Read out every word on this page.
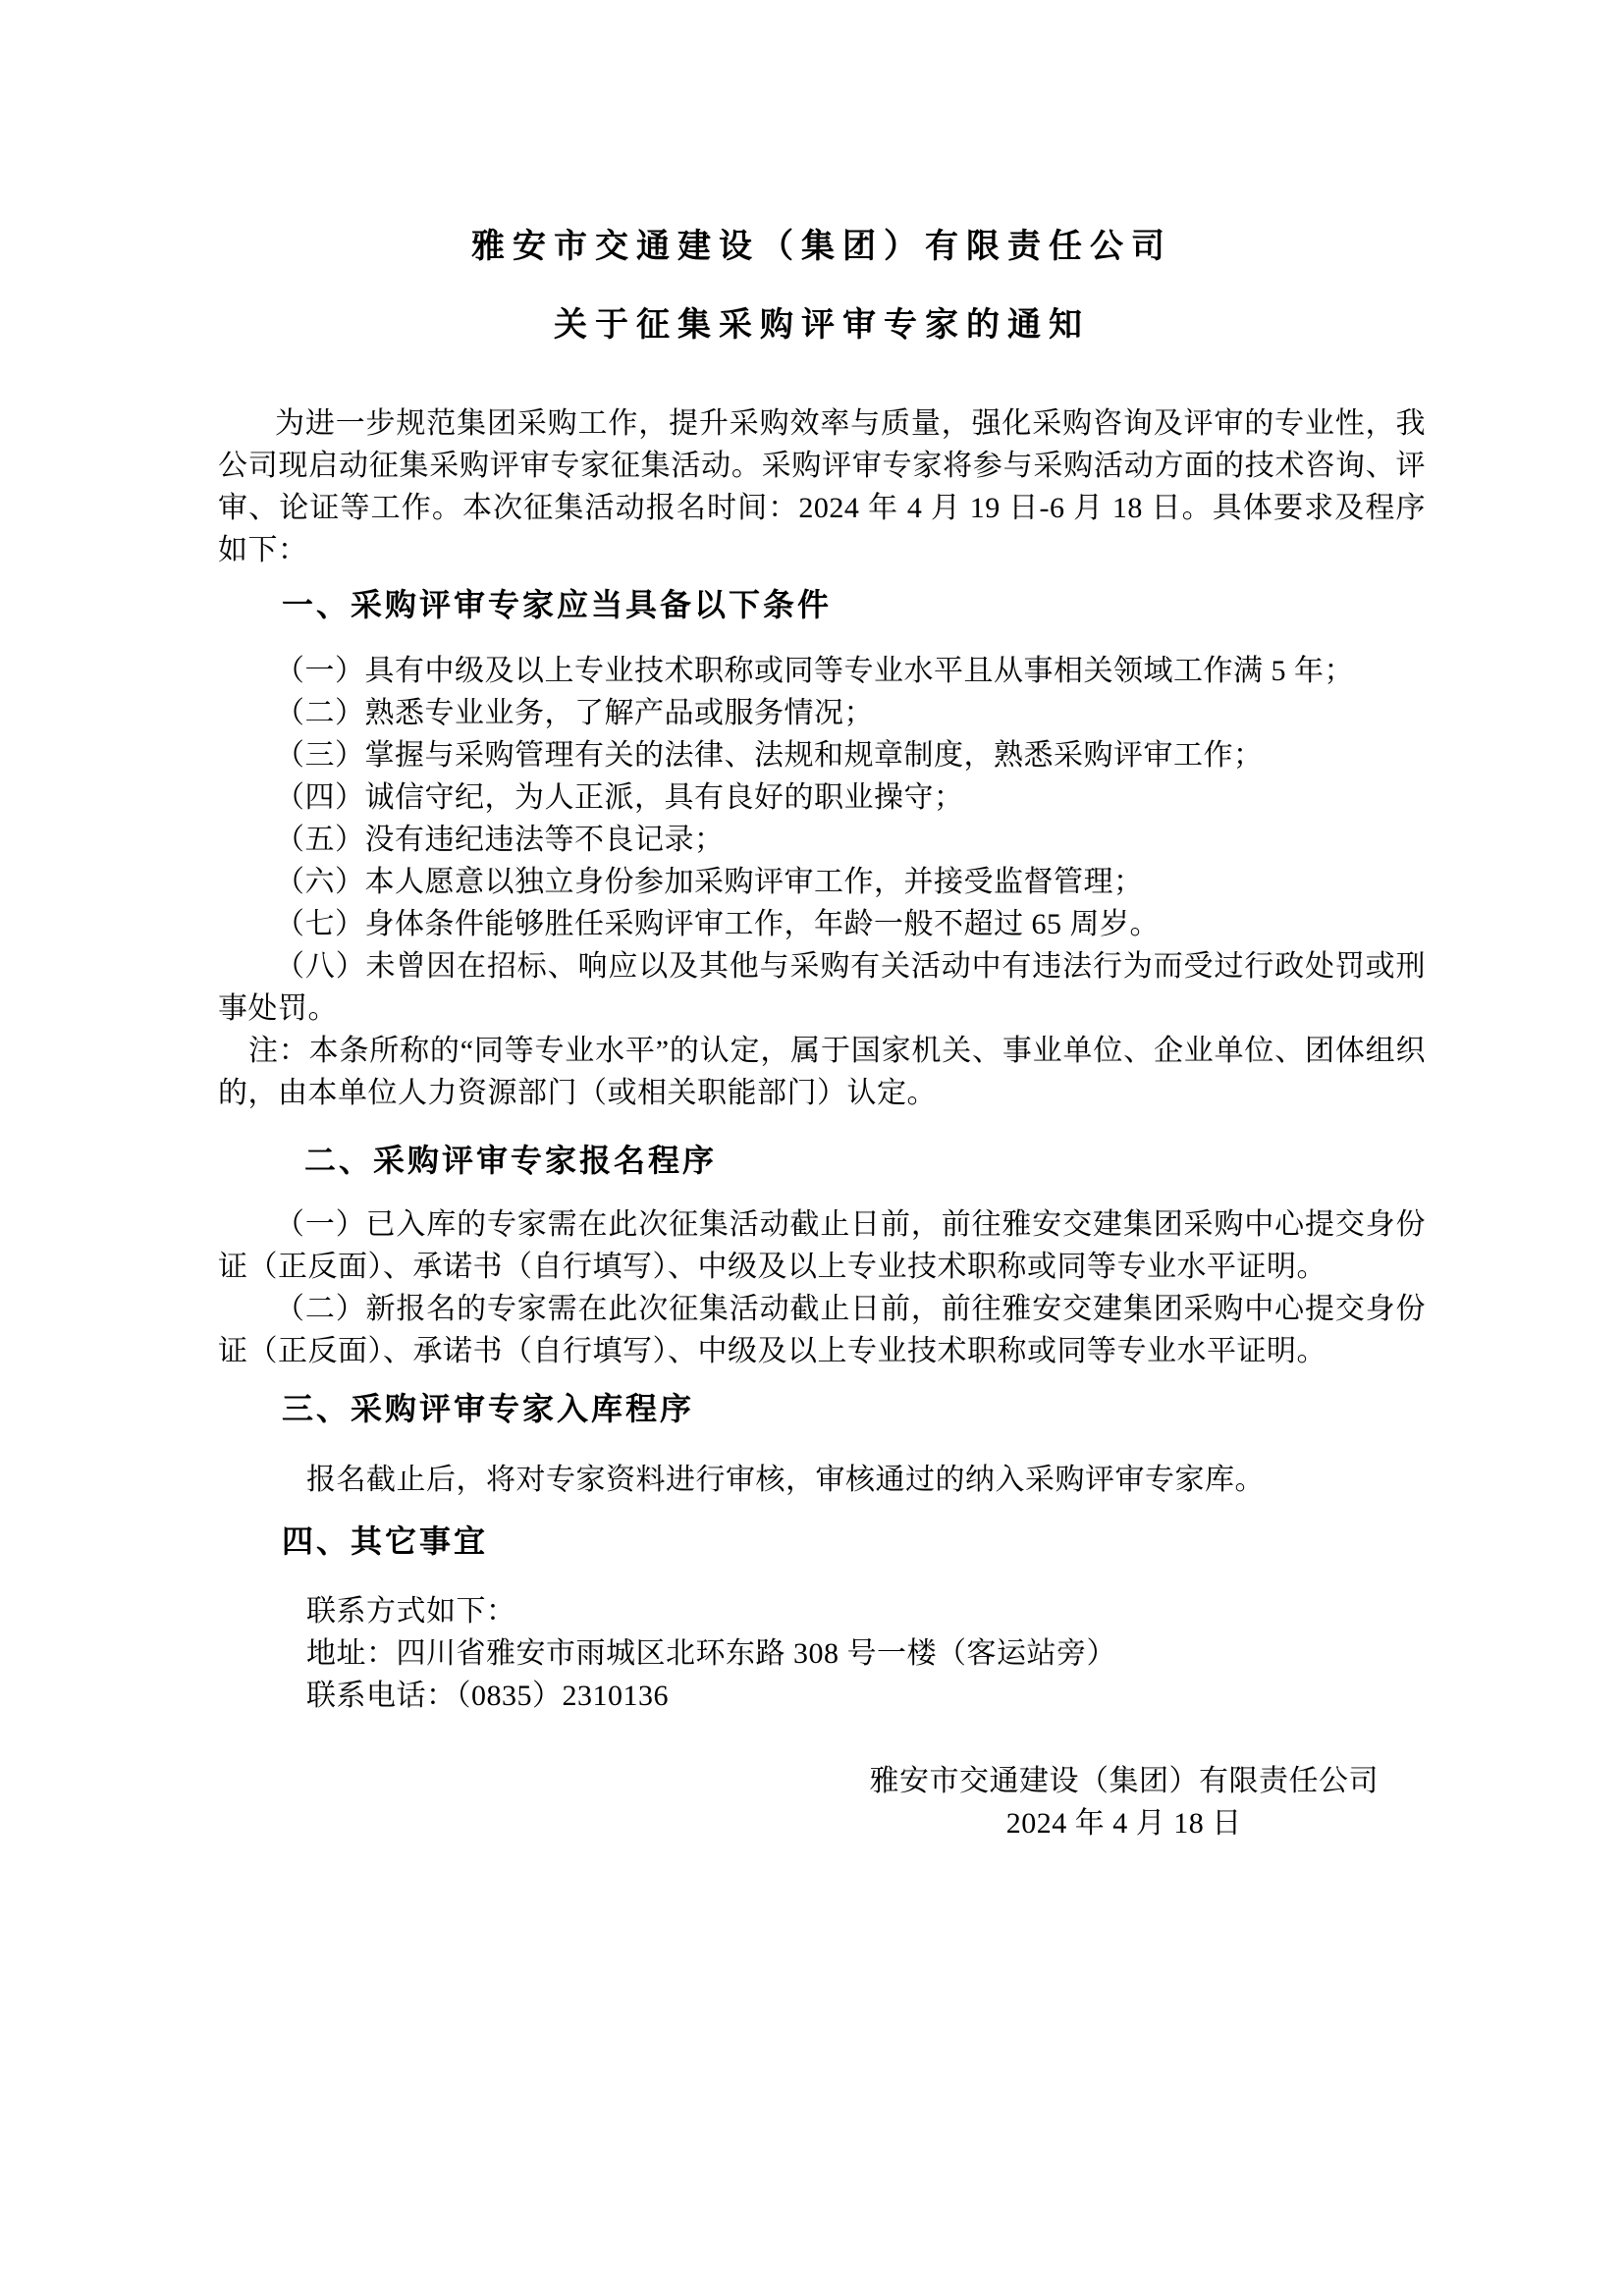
雅安市交通建设（集团）有限责任公司
关于征集采购评审专家的通知
为进一步规范集团采购工作，提升采购效率与质量，强化采购咨询及评审的专业性，我公司现启动征集采购评审专家征集活动。采购评审专家将参与采购活动方面的技术咨询、评审、论证等工作。本次征集活动报名时间：2024 年 4 月 19 日-6 月 18 日。具体要求及程序如下：
一、采购评审专家应当具备以下条件
（一）具有中级及以上专业技术职称或同等专业水平且从事相关领域工作满 5 年；
（二）熟悉专业业务，了解产品或服务情况；
（三）掌握与采购管理有关的法律、法规和规章制度，熟悉采购评审工作；
（四）诚信守纪，为人正派，具有良好的职业操守；
（五）没有违纪违法等不良记录；
（六）本人愿意以独立身份参加采购评审工作，并接受监督管理；
（七）身体条件能够胜任采购评审工作，年龄一般不超过 65 周岁。
（八）未曾因在招标、响应以及其他与采购有关活动中有违法行为而受过行政处罚或刑事处罚。
注：本条所称的“同等专业水平”的认定，属于国家机关、事业单位、企业单位、团体组织的，由本单位人力资源部门（或相关职能部门）认定。
二、采购评审专家报名程序
（一）已入库的专家需在此次征集活动截止日前，前往雅安交建集团采购中心提交身份证（正反面）、承诺书（自行填写）、中级及以上专业技术职称或同等专业水平证明。
（二）新报名的专家需在此次征集活动截止日前，前往雅安交建集团采购中心提交身份证（正反面）、承诺书（自行填写）、中级及以上专业技术职称或同等专业水平证明。
三、采购评审专家入库程序
报名截止后，将对专家资料进行审核，审核通过的纳入采购评审专家库。
四、其它事宜
联系方式如下：
地址：四川省雅安市雨城区北环东路 308 号一楼（客运站旁）
联系电话：（0835）2310136
雅安市交通建设（集团）有限责任公司
2024 年 4 月 18 日
